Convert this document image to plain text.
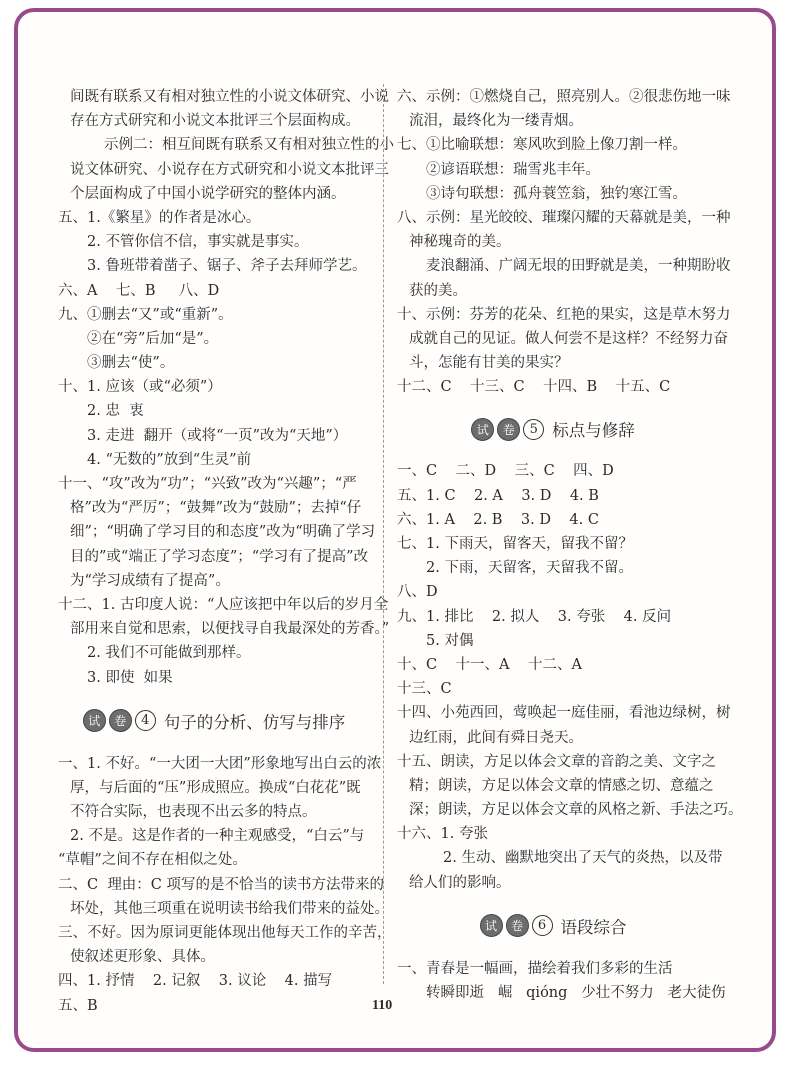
间既有联系又有相对独立性的小说文体研究、小说
存在方式研究和小说文本批评三个层面构成。
示例二：相互间既有联系又有相对独立性的小
说文体研究、小说存在方式研究和小说文本批评三
个层面构成了中国小说学研究的整体内涵。
五、1.《繁星》的作者是冰心。
2. 不管你信不信，事实就是事实。
3. 鲁班带着凿子、锯子、斧子去拜师学艺。
六、A    七、B     八、D
九、①删去“又”或“重新”。
②在“旁”后加“是”。
③删去“使”。
十、1. 应该（或“必须”）
2. 忠  衷
3. 走进  翻开（或将“一页”改为“天地”）
4. “无数的”放到“生灵”前
十一、“攻”改为“功”；“兴致”改为“兴趣”；“严
格”改为“严厉”；“鼓舞”改为“鼓励”；去掉“仔
细”；“明确了学习目的和态度”改为“明确了学习
目的”或“端正了学习态度”；“学习有了提高”改
为“学习成绩有了提高”。
十二、1. 古印度人说：“人应该把中年以后的岁月全
部用来自觉和思索，以便找寻自我最深处的芳香。”
2. 我们不可能做到那样。
3. 即使  如果
试	卷	4 句子的分析、仿写与排序
一、1. 不好。“一大团一大团”形象地写出白云的浓
厚，与后面的“压”形成照应。换成“白花花”既
不符合实际，也表现不出云多的特点。
2. 不是。这是作者的一种主观感受，“白云”与
“草帽”之间不存在相似之处。
二、C  理由：C 项写的是不恰当的读书方法带来的
坏处，其他三项重在说明读书给我们带来的益处。
三、不好。因为原词更能体现出他每天工作的辛苦，
使叙述更形象、具体。
四、1. 抒情    2. 记叙    3. 议论    4. 描写
五、B
六、示例：①燃烧自己，照亮别人。②很悲伤地一味
流泪，最终化为一缕青烟。
七、①比喻联想：寒风吹到脸上像刀割一样。
②谚语联想：瑞雪兆丰年。
③诗句联想：孤舟蓑笠翁，独钓寒江雪。
八、示例：星光皎皎、璀璨闪耀的天幕就是美，一种
神秘瑰奇的美。
麦浪翻涌、广阔无垠的田野就是美，一种期盼收
获的美。
十、示例：芬芳的花朵、红艳的果实，这是草木努力
成就自己的见证。做人何尝不是这样？不经努力奋
斗，怎能有甘美的果实？
十二、C    十三、C    十四、B    十五、C
试	卷	5 标点与修辞
一、C    二、D    三、C    四、D
五、1. C    2. A    3. D    4. B
六、1. A    2. B    3. D    4. C
七、1. 下雨天，留客天，留我不留？
2. 下雨，天留客，天留我不留。
八、D
九、1. 排比    2. 拟人    3. 夸张    4. 反问
5. 对偶
十、C    十一、A    十二、A
十三、C
十四、小苑西回，莺唤起一庭佳丽，看池边绿树，树
边红雨，此间有舜日尧天。
十五、朗读，方足以体会文章的音韵之美、文字之
精；朗读，方足以体会文章的情感之切、意蕴之
深；朗读，方足以体会文章的风格之新、手法之巧。
十六、1. 夸张
2. 生动、幽默地突出了天气的炎热，以及带
给人们的影响。
试	卷	6 语段综合
一、青春是一幅画，描绘着我们多彩的生活
转瞬即逝   崛   qióng   少壮不努力   老大徒伤
110
